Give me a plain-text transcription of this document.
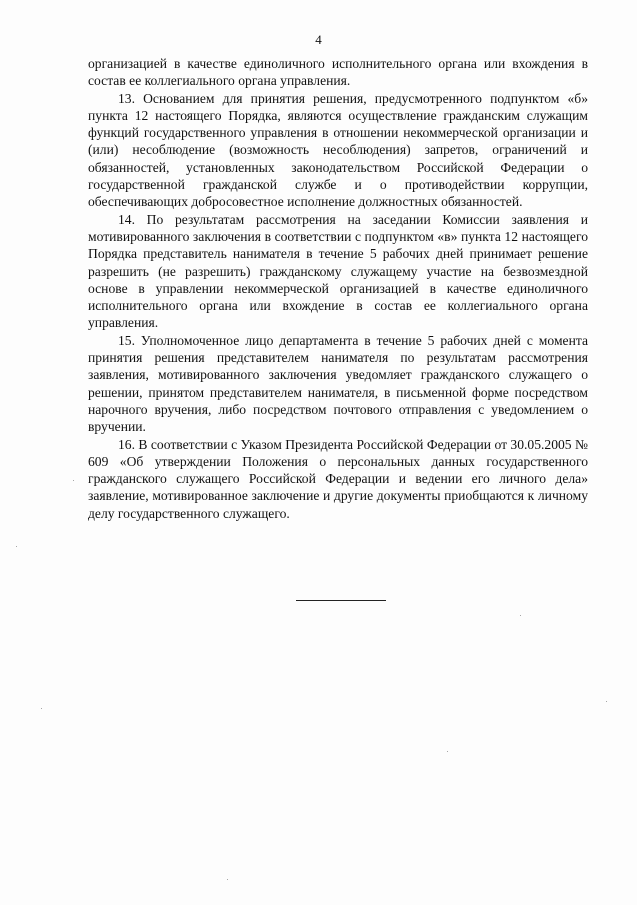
4

организацией в качестве единоличного исполнительного органа или вхождения в состав ее коллегиального органа управления.

13. Основанием для принятия решения, предусмотренного подпунктом «б» пункта 12 настоящего Порядка, являются осуществление гражданским служащим функций государственного управления в отношении некоммерческой организации и (или) несоблюдение (возможность несоблюдения) запретов, ограничений и обязанностей, установленных законодательством Российской Федерации о государственной гражданской службе и о противодействии коррупции, обеспечивающих добросовестное исполнение должностных обязанностей.

14. По результатам рассмотрения на заседании Комиссии заявления и мотивированного заключения в соответствии с подпунктом «в» пункта 12 настоящего Порядка представитель нанимателя в течение 5 рабочих дней принимает решение разрешить (не разрешить) гражданскому служащему участие на безвозмездной основе в управлении некоммерческой организацией в качестве единоличного исполнительного органа или вхождение в состав ее коллегиального органа управления.

15. Уполномоченное лицо департамента в течение 5 рабочих дней с момента принятия решения представителем нанимателя по результатам рассмотрения заявления, мотивированного заключения уведомляет гражданского служащего о решении, принятом представителем нанимателя, в письменной форме посредством нарочного вручения, либо посредством почтового отправления с уведомлением о вручении.

16. В соответствии с Указом Президента Российской Федерации от 30.05.2005 № 609 «Об утверждении Положения о персональных данных государственного гражданского служащего Российской Федерации и ведении его личного дела» заявление, мотивированное заключение и другие документы приобщаются к личному делу государственного служащего.
